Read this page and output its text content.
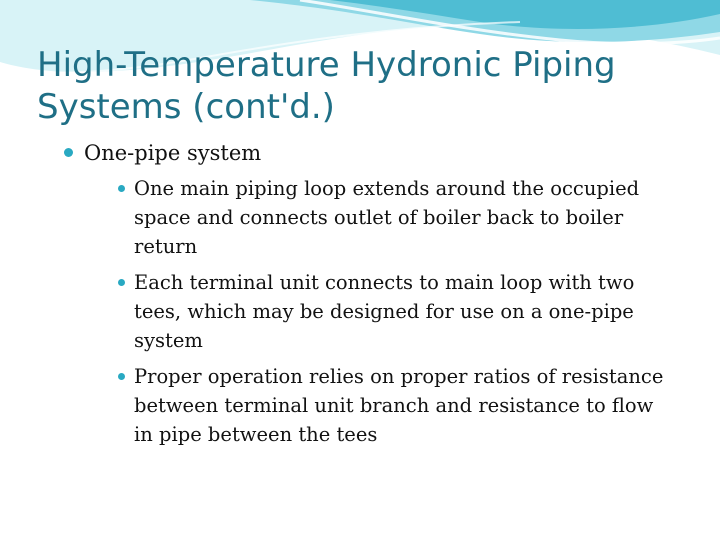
High-Temperature Hydronic Piping Systems (cont'd.)
One-pipe system
One main piping loop extends around the occupied space and connects outlet of boiler back to boiler return
Each terminal unit connects to main loop with two tees, which may be designed for use on a one-pipe system
Proper operation relies on proper ratios of resistance between terminal unit branch and resistance to flow in pipe between the tees
